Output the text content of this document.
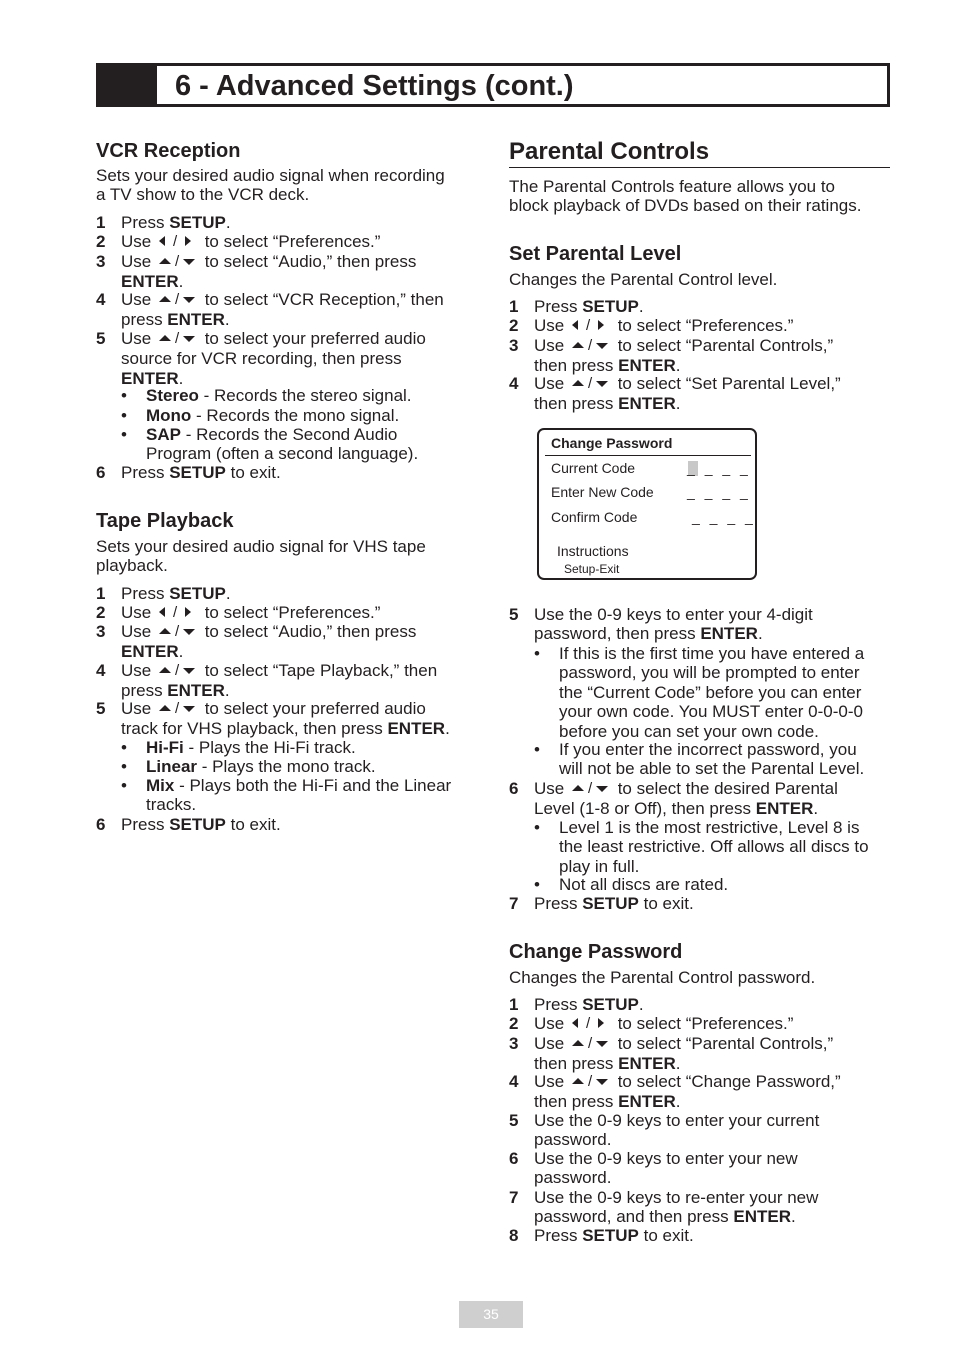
6 - Advanced Settings (cont.)
VCR Reception
Sets your desired audio signal when recording
a TV show to the VCR deck.
1 Press SETUP.
2 Use / to select “Preferences.”
3 Use / to select “Audio,” then press
ENTER.
4 Use / to select “VCR Reception,” then
press ENTER.
5 Use / to select your preferred audio
source for VCR recording, then press
ENTER.
• Stereo - Records the stereo signal.
• Mono - Records the mono signal.
• SAP - Records the Second Audio
Program (often a second language).
6 Press SETUP to exit.
Tape Playback
Sets your desired audio signal for VHS tape
playback.
1 Press SETUP.
2 Use / to select “Preferences.”
3 Use / to select “Audio,” then press
ENTER.
4 Use / to select “Tape Playback,” then
press ENTER.
5 Use / to select your preferred audio
track for VHS playback, then press ENTER.
• Hi-Fi - Plays the Hi-Fi track.
• Linear - Plays the mono track.
• Mix - Plays both the Hi-Fi and the Linear
tracks.
6 Press SETUP to exit.
Parental Controls
The Parental Controls feature allows you to
block playback of DVDs based on their ratings.
Set Parental Level
Changes the Parental Control level.
1 Press SETUP.
2 Use / to select “Preferences.”
3 Use / to select “Parental Controls,”
then press ENTER.
4 Use / to select “Set Parental Level,”
then press ENTER.
5 Use the 0-9 keys to enter your 4-digit
password, then press ENTER.
• If this is the first time you have entered a
password, you will be prompted to enter
the “Current Code” before you can enter
your own code. You MUST enter 0-0-0-0
before you can set your own code.
• If you enter the incorrect password, you
will not be able to set the Parental Level.
6 Use / to select the desired Parental
Level (1-8 or Off), then press ENTER.
• Level 1 is the most restrictive, Level 8 is
the least restrictive. Off allows all discs to
play in full.
• Not all discs are rated.
7 Press SETUP to exit.
Change Password
Changes the Parental Control password.
1 Press SETUP.
2 Use / to select “Preferences.”
3 Use / to select “Parental Controls,”
then press ENTER.
4 Use / to select “Change Password,”
then press ENTER.
5 Use the 0-9 keys to enter your current
password.
6 Use the 0-9 keys to enter your new
password.
7 Use the 0-9 keys to re-enter your new
password, and then press ENTER.
8 Press SETUP to exit.
Change Password
Current Code	_ _ _ _
Enter New Code _ _ _ _
Confirm Code	_ _ _ _
Instructions
Setup-Exit
35
